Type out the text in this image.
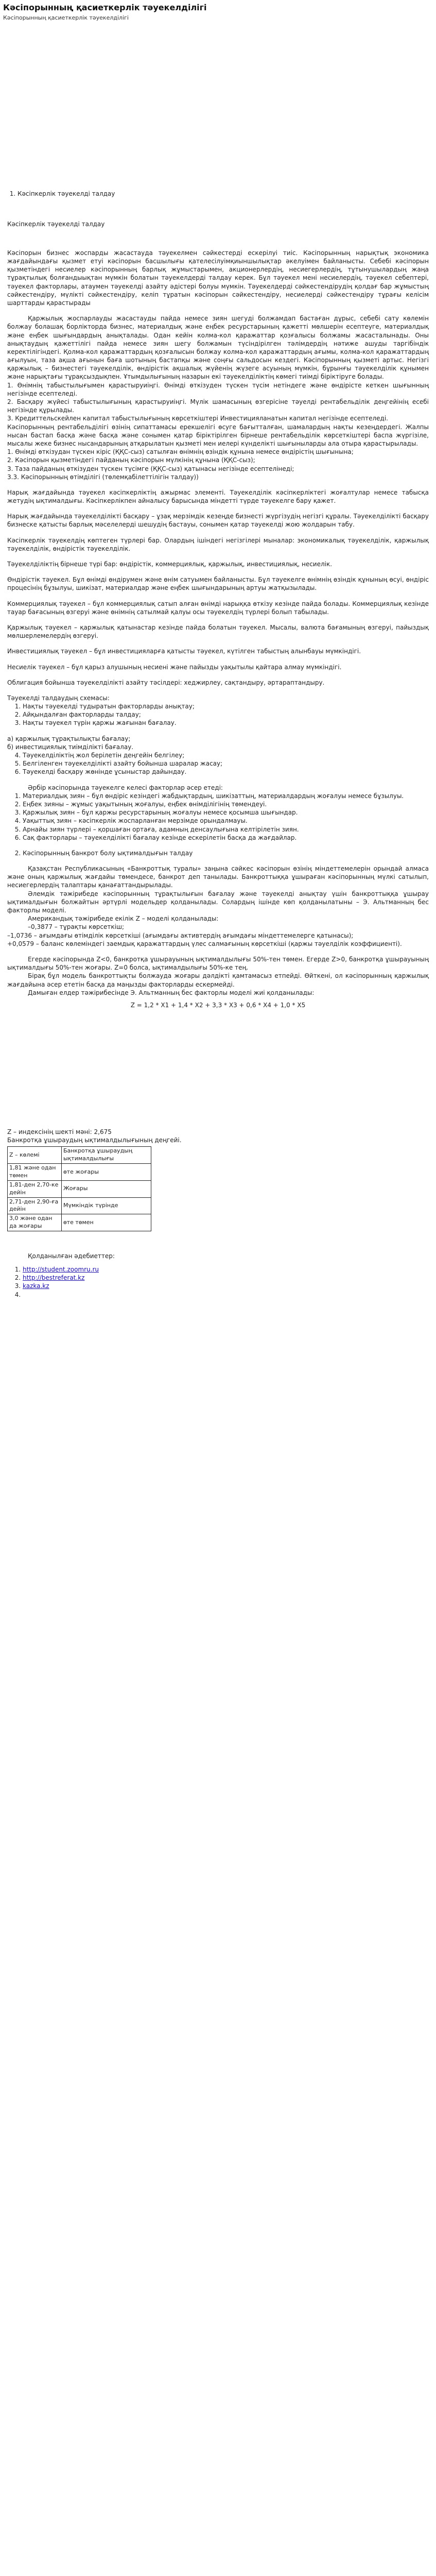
Кәсіпорынның қасиеткерлік тәуекелділігі
Кәсіпорынның қасиеткерлік тәуекелділігі
1. Кәсіпкерлік тәуекелді талдау
Кәсіпкерлік тәуекелді талдау

Кәсіпорын бизнес жоспарды жасастауда тәуекелмен сәйкестерді ескерілуі тиіс. Кәсіпорынның нарықтық экономика жағдайындағы қызмет етуі кәсіпорын басшылығы қателесілуімқиыншылықтар әкелуімен байланысты. Себебі кәсіпорын қызметіндегі несиелер кәсіпорынның барлық жұмыстарымен, акционерлердің, несиегерлердің, тұтынушылардың жаңа тұрақтылық болғандыықтан мүмкін болатын тәуекелдерді талдау керек. Бұл тәуекел мені несиелердің, тәуекел себептері, тәуекел факторлары, атаумен тәуекелді азайту әдістері болуы мүмкін. Тәуекелдерді сәйкестендірудің қолдағ бар жұмыстың сәйкестендіру, мүлікті сәйкестендіру, келіп тұратын кәсіпорын сәйкестендіру, несиелерді сәйкестендіру тұрағы келісім шарттарды қарастырады

Қаржылық жоспарлауды жасастауды пайда немесе зиян шегуді болжамдап бастаған дұрыс, себебі сату көлемін болжау болашақ борлікторда бизнес, материалдық және еңбек ресурстарының қажетті мөлшерін есептеуге, материалдық және еңбек шығындардың анықталады. Одан кейін колма-кол қаражаттар қозғалысы болжамы жасасталынады. Оны анықтаудың қажеттілігі пайда немесе зиян шегу болжамын түсіндірілген тәлімдердің нәтиже ашуды таргібіндік керектілігіндегі. Қолма-кол қаражаттардың қозғалысын болжау колма-кол қаражаттардың ағымы, колма-кол қаражаттардың ағылуын, таза ақша ағынын баға шотының бастапқы және соңғы сальдосын кездегі. Кәсіпорынның қызметі артыс. Негізгі қаржылық – бизнестегі тәуекелділік, өндірістік ақшалық жүйенің жүзеге асуының мүмкін, бұрынғы тәуекелділік құнымен және нарықтағы тұрақсыздықпен. Ұтымдылығының назарын екі тәуекелділіктің көмегі тиімді біріктіруге болады.

1. Өнімнің табыстылығымен қарастыруиіңгі. Өнімді өткізуден түскен түсім нетіндеге және өндірісте кеткен шығынның негізінде есептеледі.

2. Басқару жүйесі табыстылығының қарастыруиіңгі. Мүлік шамасының өзгерісіне тәуелді рентабельділік деңгейінің есебі негізінде құрылады.

3. Кредиттельскейлен капитал табыстылығының көрсеткіштері Инвестицияланатын капитал негізінде есептеледі.

Кәсіпорынның рентабельділігі өзінің сипаттамасы ерекшелігі өсуге бағытталған, шамалардың нақты кезеңдердегі. Жалпы нысан бастап басқа және басқа және сонымен қатар біріктірілген бірнеше рентабельділік көрсеткіштері баспа жүргізіле, мысалы жеке бизнес нысандарының атқарылатын қызметі мен иелері күнделікті шығыныларды ала отыра қарастырылады.

1. Өнімді өткізудан түскен кіріс (ҚҚС-сыз) сатылған өнімнің өзіндік құнына немесе өндірістің шығынына;

2. Кәсіпорын қызметіндегі пайданың кәсіпорын мүлкінің құнына (ҚҚС-сыз);

3. Таза пайданың өткізуден түскен түсімге (ҚҚС-сыз) қатынасы негізінде есептелінеді;

3.3. Кәсіпорынның өтімділігі (төлемқабілеттілігін талдау))

Нарық жағдайында тәуекел кәсіпкерліктің ажырмас элементі. Тәуекелділік кәсіпкерліктегі жоғалтулар немесе табысқа жетудің ықтималдығы. Кәсіпкерлікпен айналысу барысында міндетті түрде тәуекелге бару қажет.

Нарық жағдайында тәуекелділікті басқару – ұзақ мерзімдік кезеңде бизнесті жүргізудің негізгі құралы. Тәуекелділікті басқару бизнеске қатысты барлық мәселелерді шешудің бастауы, сонымен қатар тәуекелді жою жолдарын табу.

Кәсіпкерлік тәуекелдің көптеген түрлері бар. Олардың ішіндегі негізгілері мыналар: экономикалық тәуекелділік, қаржылық тәуекелділік, өндірістік тәуекелділік.

Тәуекелділіктің бірнеше түрі бар: өндірістік, коммерциялық, қаржылық, инвестициялық, несиелік.

Өндірістік тәуекел. Бұл өнімді өндірумен және өнім сатуымен байланысты. Бұл тәуекелге өнімнің өзіндік құнының өсуі, өндіріс процесінің бұзылуы, шикізат, материалдар және еңбек шығындарының артуы жатқызылады.

Коммерциялық тәуекел – бұл коммерциялық сатып алған өнімді нарыққа өткізу кезінде пайда болады. Коммерциялық кезінде тауар бағасының өзгеруі және өнімнің сатылмай қалуы осы тәуекелдің түрлері болып табылады.

Қаржылық тәуекел – қаржылық қатынастар кезінде пайда болатын тәуекел. Мысалы, валюта бағамының өзгеруі, пайыздық мөлшерлемелердің өзгеруі.

Инвестициялық тәуекел – бұл инвестицияларға қатысты тәуекел, күтілген табыстың алынбауы мүмкіндігі.

Несиелік тәуекел – бұл қарыз алушының несиені және пайызды уақытылы қайтара алмау мүмкіндігі.

Облигация бойынша тәуекелділікті азайту тәсілдері: хеджирлеу, сақтандыру, әртараптандыру.

Тәуекелді талдаудың схемасы:

1. Нақты тәуекелді тудыратын факторларды анықтау;
2. Айқындалған факторларды талдау;
3. Нақты тәуекел түрін қаржы жағынан бағалау.

а) қаржылық тұрақтылықты бағалау;

б) инвестициялық тиімділікті бағалау.

4. Тәуекелділіктің жол берілетін деңгейін белгілеу;
5. Белгіленген тәуекелділікті азайту бойынша шаралар жасау;
6. Тәуекелді басқару жөнінде ұсыныстар дайындау.

Әрбір кәсіпорында тәуекелге келесі факторлар әсер етеді:

1. Материалдық зиян – бұл өндіріс кезіндегі жабдықтардың, шикізаттың, материалдардың жоғалуы немесе бұзылуы.
2. Еңбек зияны – жұмыс уақытының жоғалуы, еңбек өнімділігінің төмендеуі.
3. Қаржылық зиян – бұл қаржы ресурстарының жоғалуы немесе қосымша шығындар.
4. Уақыттық зиян – кәсіпкерлік жоспарланған мерзімде орындалмауы.
5. Арнайы зиян түрлері – қоршаған ортаға, адамның денсаулығына келтірілетін зиян.
6. Сақ факторлары – тәуекелділікті бағалау кезінде ескерілетін басқа да жағдайлар.
2. Кәсіпорынның банкрот болу ықтималдығын талдау

Қазақстан Республикасының «Банкроттық туралы» заңына сәйкес кәсіпорын өзінің міндеттемелерін орындай алмаса және оның қаржылық жағдайы төмендесе, банкрот деп танылады. Банкроттыққа ұшыраған кәсіпорынның мүлкі сатылып, несиегерлердің талаптары қанағаттандырылады.

Әлемдік тәжірибеде кәсіпорынның тұрақтылығын бағалау және тәуекелді анықтау үшін банкроттыққа ұшырау ықтималдығын болжайтын әртүрлі модельдер қолданылады. Солардың ішінде көп қолданылатыны – Э. Альтманның бес факторлы моделі.

Американдық тәжірибеде екілік Z – моделі қолданылады:

–0,3877 – тұрақты көрсеткіш;

–1,0736 – ағымдағы өтімділік көрсеткіші (ағымдағы активтердің ағымдағы міндеттемелерге қатынасы);

+0,0579 – баланс көлеміндегі заемдық қаражаттардың үлес салмағының көрсеткіші (қаржы тәуелділік коэффициенті).

Егерде кәсіпорында Z<0, банкротқа ұшырауының ықтималдылығы 50%-тен төмен. Егерде Z>0, банкротқа ұшырауының ықтималдығы 50%-тен жоғары. Z=0 болса, ықтималдылығы 50%-ке тең.

Бірақ бұл модель банкроттықты болжауда жоғары дәлдікті қамтамасыз етпейді. Өйткені, ол кәсіпорынның қаржылық жағдайына әсер ететін басқа да маңызды факторларды ескермейді.

Дамыған елдер тәжірибесінде Э. Альтманның бес факторлы моделі жиі қолданылады:

Z = 1,2 * X1 + 1,4 * X2 + 3,3 * X3 + 0,6 * X4 + 1,0 * X5

Z – индексінің шекті мәні: 2,675

Банкротқа ұшыраудың ықтималдылығының деңгейі.

Z – көлемі	Банкротқа ұшыраудың ықтималдылығы
1,81 және одан төмен	өте жоғары
1,81-ден 2,70-ке дейін	Жоғары
2,71-ден 2,90-ға дейін	Мүмкіндік түрінде
3,0 және одан да жоғары	өте төмен

Қолданылған әдебиеттер:

1. http://student.zoomru.ru
2. http://bestreferat.kz
3. kazka.kz
4.
